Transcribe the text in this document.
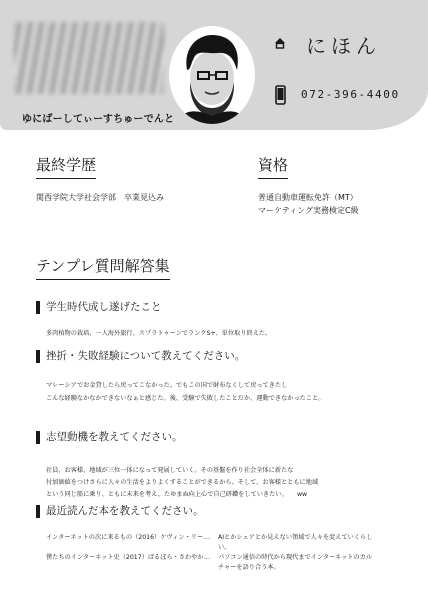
ゆにばーしてぃーすちゅーでんと
にほん
072-396-4400
最終学歴
関西学院大学社会学部　卒業見込み
資格
普通自動車運転免許（MT）
マーケティング実務検定C級
テンプレ質問解答集
学生時代成し遂げたこと
多肉植物の栽培、一人海外旅行、スプラトゥーンでランクS+、単位取り終えた。
挫折・失敗経験について教えてください。
マレーシアでお金貸したら戻ってこなかった。でもこの国で財布なくして戻ってきたし
こんな経験なかなかできないなぁと感じた。後、受験で失敗したことだか、運動できなかったこと。
志望動機を教えてください。
社員、お客様、地域が三位一体になって発展していく。その基盤を作り社会全体に新たな
付加価値をつけさらに人々の生活をよりよくすることができるから。そして、お客様とともに地域
という同じ船に乗り、ともに未来を考え、たゆまぬ向上心で自己研鑽をしていきたい。　　ww
最近読んだ本を教えてください。
インターネットの次に来るもの（2016）ケヴィン・リー …	AIとかシェアとか見えない領域で人々を変えていくらしい。
僕たちのインターネット史（2017）ばるぼら・さわやか …	パソコン通信の時代から現代までインターネットのカルチャーを語り合う本。
